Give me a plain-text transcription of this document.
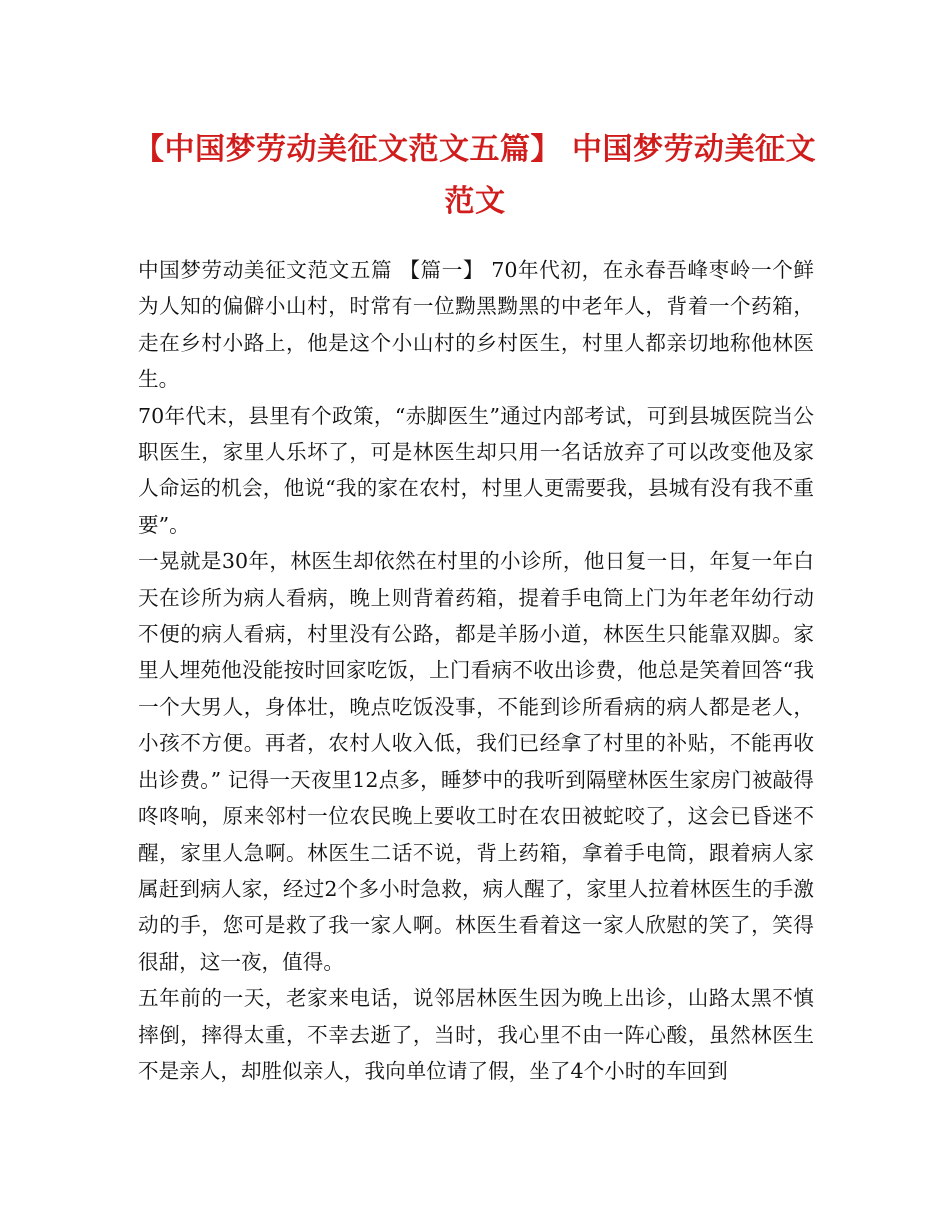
【中国梦劳动美征文范文五篇】 中国梦劳动美征文范文

中国梦劳动美征文范文五篇 【篇一】 70年代初，在永春吾峰枣岭一个鲜为人知的偏僻小山村，时常有一位黝黑黝黑的中老年人，背着一个药箱，走在乡村小路上，他是这个小山村的乡村医生，村里人都亲切地称他林医生。

70年代末，县里有个政策，“赤脚医生”通过内部考试，可到县城医院当公职医生，家里人乐坏了，可是林医生却只用一名话放弃了可以改变他及家人命运的机会，他说“我的家在农村，村里人更需要我，县城有没有我不重要”。

一晃就是30年，林医生却依然在村里的小诊所，他日复一日，年复一年白天在诊所为病人看病，晚上则背着药箱，提着手电筒上门为年老年幼行动不便的病人看病，村里没有公路，都是羊肠小道，林医生只能靠双脚。家里人埋苑他没能按时回家吃饭，上门看病不收出诊费，他总是笑着回答“我一个大男人，身体壮，晚点吃饭没事，不能到诊所看病的病人都是老人，小孩不方便。再者，农村人收入低，我们已经拿了村里的补贴，不能再收出诊费。” 记得一天夜里12点多，睡梦中的我听到隔壁林医生家房门被敲得咚咚响，原来邻村一位农民晚上要收工时在农田被蛇咬了，这会已昏迷不醒，家里人急啊。林医生二话不说，背上药箱，拿着手电筒，跟着病人家属赶到病人家，经过2个多小时急救，病人醒了，家里人拉着林医生的手激动的手，您可是救了我一家人啊。林医生看着这一家人欣慰的笑了，笑得很甜，这一夜，值得。

五年前的一天，老家来电话，说邻居林医生因为晚上出诊，山路太黑不慎摔倒，摔得太重，不幸去逝了，当时，我心里不由一阵心酸，虽然林医生不是亲人，却胜似亲人，我向单位请了假，坐了4个小时的车回到
